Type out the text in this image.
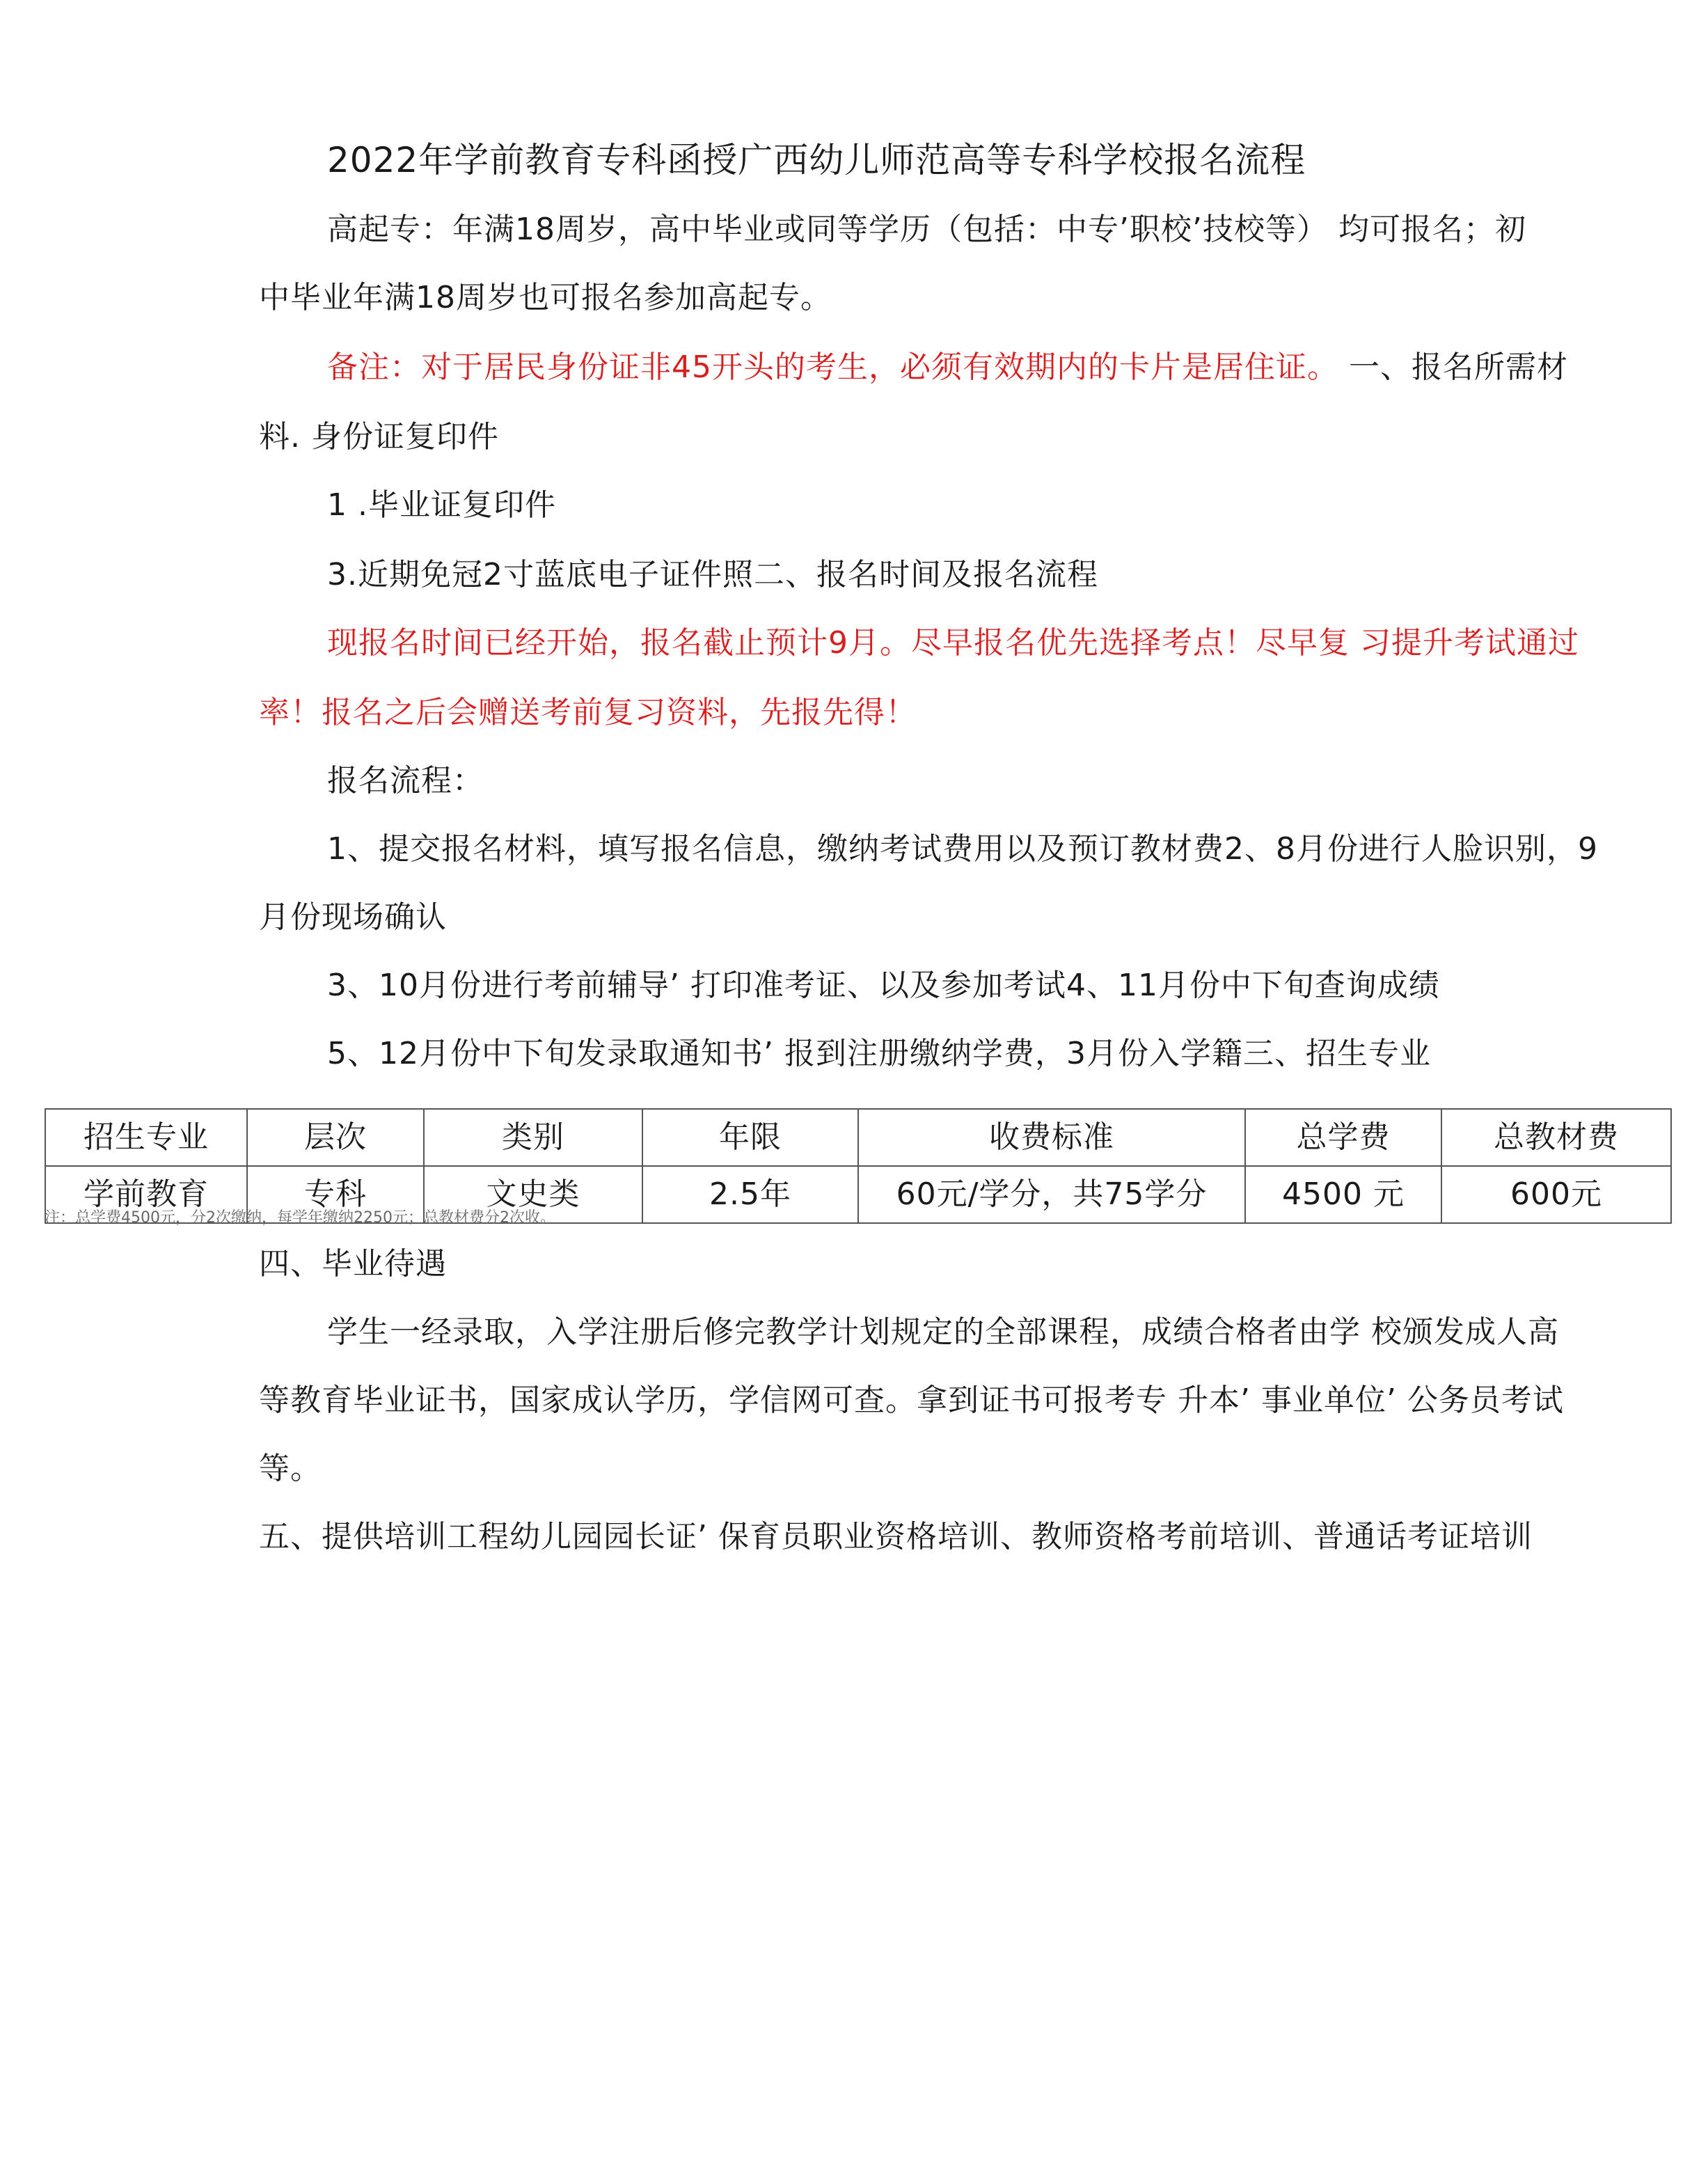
2022年学前教育专科函授广西幼儿师范高等专科学校报名流程
高起专：年满18周岁，高中毕业或同等学历（包括：中专’职校’技校等） 均可报名；初
中毕业年满18周岁也可报名参加高起专。
备注：对于居民身份证非45开头的考生，必须有效期内的卡片是居住证。 一、报名所需材
料. 身份证复印件
1 .毕业证复印件
3.近期免冠2寸蓝底电子证件照二、报名时间及报名流程
现报名时间已经开始，报名截止预计9月。尽早报名优先选择考点！尽早复 习提升考试通过
率！报名之后会赠送考前复习资料，先报先得！
报名流程：
1、提交报名材料，填写报名信息，缴纳考试费用以及预订教材费2、8月份进行人脸识别，9
月份现场确认
3、10月份进行考前辅导’ 打印准考证、以及参加考试4、11月份中下旬查询成绩
5、12月份中下旬发录取通知书’ 报到注册缴纳学费，3月份入学籍三、招生专业
招生专业	层次	类别	年限	收费标准	总学费	总教材费
学前教育	专科	文史类	2.5年	60元/学分，共75学分	4500 元	600元
注：总学费4500元，分2次缴纳，每学年缴纳2250元；总教材费分2次收。
四、毕业待遇
学生一经录取，入学注册后修完教学计划规定的全部课程，成绩合格者由学 校颁发成人高
等教育毕业证书，国家成认学历，学信网可查。拿到证书可报考专 升本’ 事业单位’ 公务员考试
等。
五、提供培训工程幼儿园园长证’ 保育员职业资格培训、教师资格考前培训、普通话考证培训
